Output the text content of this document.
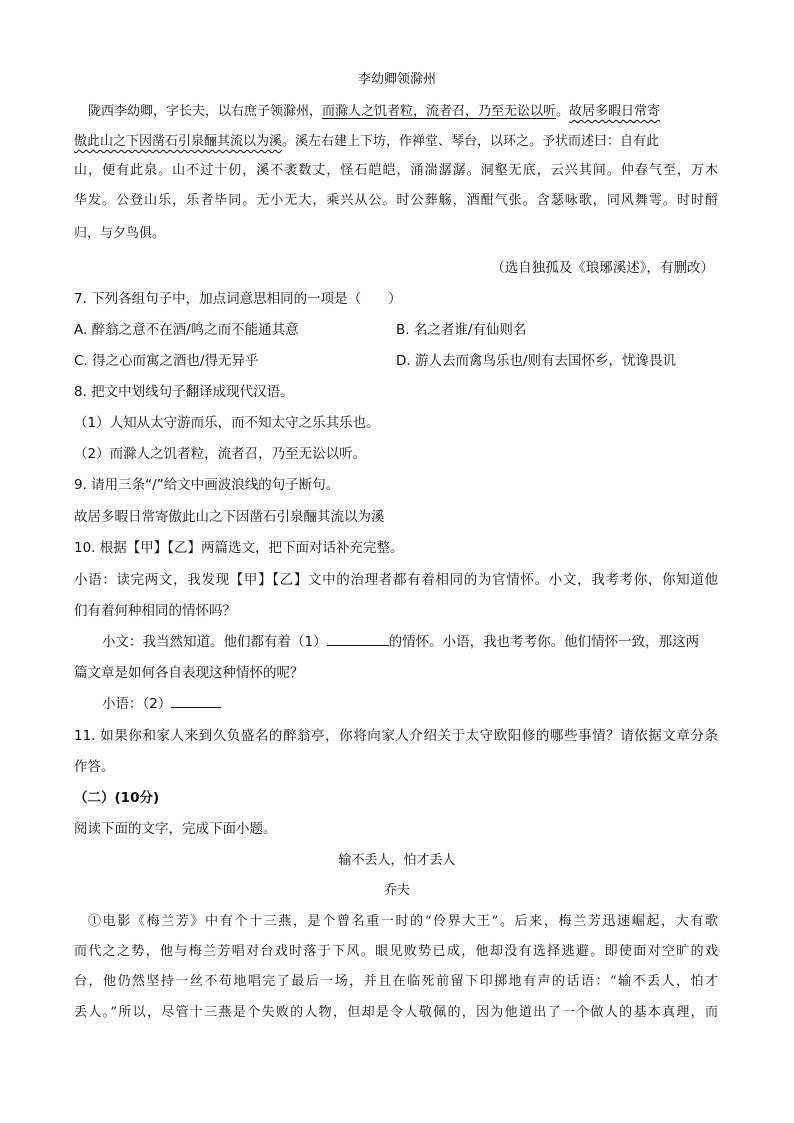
李幼卿领滁州
陇西李幼卿，字长夫，以右庶子领滁州，而滁人之饥者粒，流者召，乃至无讼以听。故居多暇日常寄
傲此山之下因凿石引泉酾其流以为溪。溪左右建上下坊，作禅堂、琴台，以环之。予状而述曰：自有此
山，便有此泉。山不过十仞，溪不袤数丈，怪石皑皑，涌湍潺潺。洞壑无底，云兴其间。仲春气至，万木
华发。公登山乐，乐者毕同。无小无大，乘兴从公。时公葬觞，酒酣气张。含瑟咏歌，同风舞雩。时时酹
归，与夕鸟俱。
（选自独孤及《琅琊溪述》，有删改）
7. 下列各组句子中，加点词意思相同的一项是（　　）
A. 醉翁之意不在酒/鸣之而不能通其意	B. 名之者谁/有仙则名
C. 得之心而寓之酒也/得无异乎	D. 游人去而禽鸟乐也/则有去国怀乡，忧谗畏讥
8. 把文中划线句子翻译成现代汉语。
（1）人知从太守游而乐，而不知太守之乐其乐也。
（2）而滁人之饥者粒，流者召，乃至无讼以听。
9. 请用三条“/”给文中画波浪线的句子断句。
故居多暇日常寄傲此山之下因凿石引泉酾其流以为溪
10. 根据【甲】【乙】两篇选文，把下面对话补充完整。
小语：读完两文，我发现【甲】【乙】文中的治理者都有着相同的为官情怀。小文，我考考你，你知道他
们有着何种相同的情怀吗？
小文：我当然知道。他们都有着（1）	的情怀。小语，我也考考你。他们情怀一致，那这两
篇文章是如何各自表现这种情怀的呢？
小语：（2）
11. 如果你和家人来到久负盛名的醉翁亭，你将向家人介绍关于太守欧阳修的哪些事情？请依据文章分条
作答。
（二）(10分)
阅读下面的文字，完成下面小题。
输不丢人，怕才丢人
乔夫
①电影《梅兰芳》中有个十三燕，是个曾名重一时的“伶界大王”。后来，梅兰芳迅速崛起，大有歌
而代之之势，他与梅兰芳唱对台戏时落于下风。眼见败势已成，他却没有选择逃避。即使面对空旷的戏
台，他仍然坚持一丝不苟地唱完了最后一场，并且在临死前留下印掷地有声的话语：“输不丢人，怕才
丢人。”所以，尽管十三燕是个失败的人物，但却是令人敬佩的，因为他道出了一个做人的基本真理，而
